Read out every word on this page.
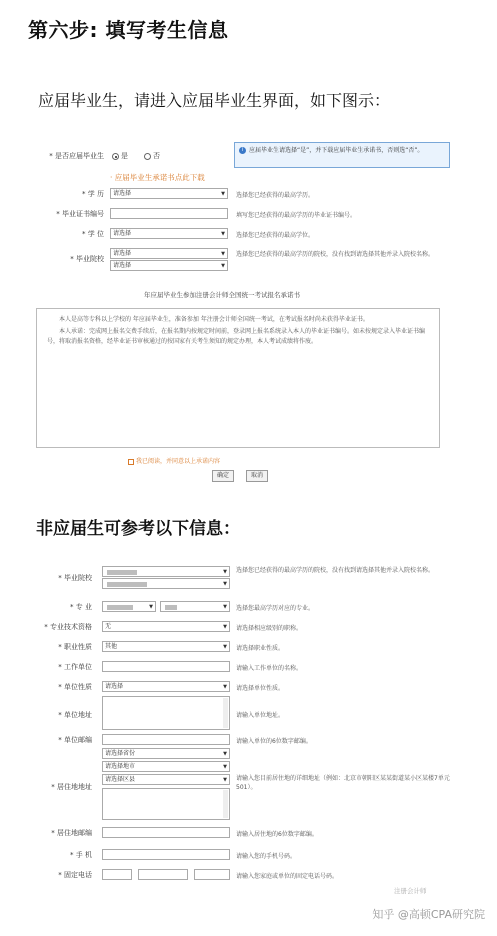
第六步: 填写考生信息
应届毕业生，请进入应届毕业生界面，如下图示：
* 是否应届毕业生 是	否
i 应届毕业生请选择“是”，并下载应届毕业生承诺书，否则选“否”。
· 应届毕业生承诺书点此下载
* 学 历	请选择	▼ 选择您已经获得的最高学历。
* 毕业证书编号	填写您已经获得的最高学历的毕业证书编号。
* 学 位	请选择	▼ 选择您已经获得的最高学位。
* 毕业院校
请选择	▼
请选择	▼
选择您已经获得的最高学历的院校，没有找到请选择其他并录入院校名称。
年应届毕业生参加注册会计师全国统一考试报名承诺书

本人是高等专科以上学校的 年应届毕业生，准备参加 年注册会计师全国统一考试，在考试报名时尚未获得毕业证书。

本人承诺：完成网上报名交费手续后，在报名期内按规定时间前，登录网上报名系统录入本人的毕业证书编号。如未按规定录入毕业证书编号，将取消报名资格，经毕业证书审核通过的按国家有关考生须知的规定办理，本人考试成绩将作废。

我已阅读，并同意以上承诺内容
确定	取消
非应届生可参考以下信息：
* 毕业院校
▼
▼
选择您已经获得的最高学历的院校，没有找到请选择其他并录入院校名称。
* 专 业	▼	▼ 选择您最高学历对应的专业。
* 专业技术资格	无	▼ 请选择相应级别的职称。
* 职业性质	其他	▼ 请选择职业性质。
* 工作单位	请输入工作单位的名称。
* 单位性质	请选择	▼ 请选择单位性质。
* 单位地址	请输入单位地址。
* 单位邮编	请输入单位的6位数字邮编。
* 居住地地址
请选择省份	▼
请选择地市	▼
请选择区县	▼ 请输入您目前居住地的详细地址（例如：北京市朝阳区某某街道某小区某楼7单元501）。
* 居住地邮编	请输入居住地的6位数字邮编。
* 手 机	请输入您的手机号码。
* 固定电话	请输入您家庭或单位的固定电话号码。
注册会计师
知乎 @高顿CPA研究院
